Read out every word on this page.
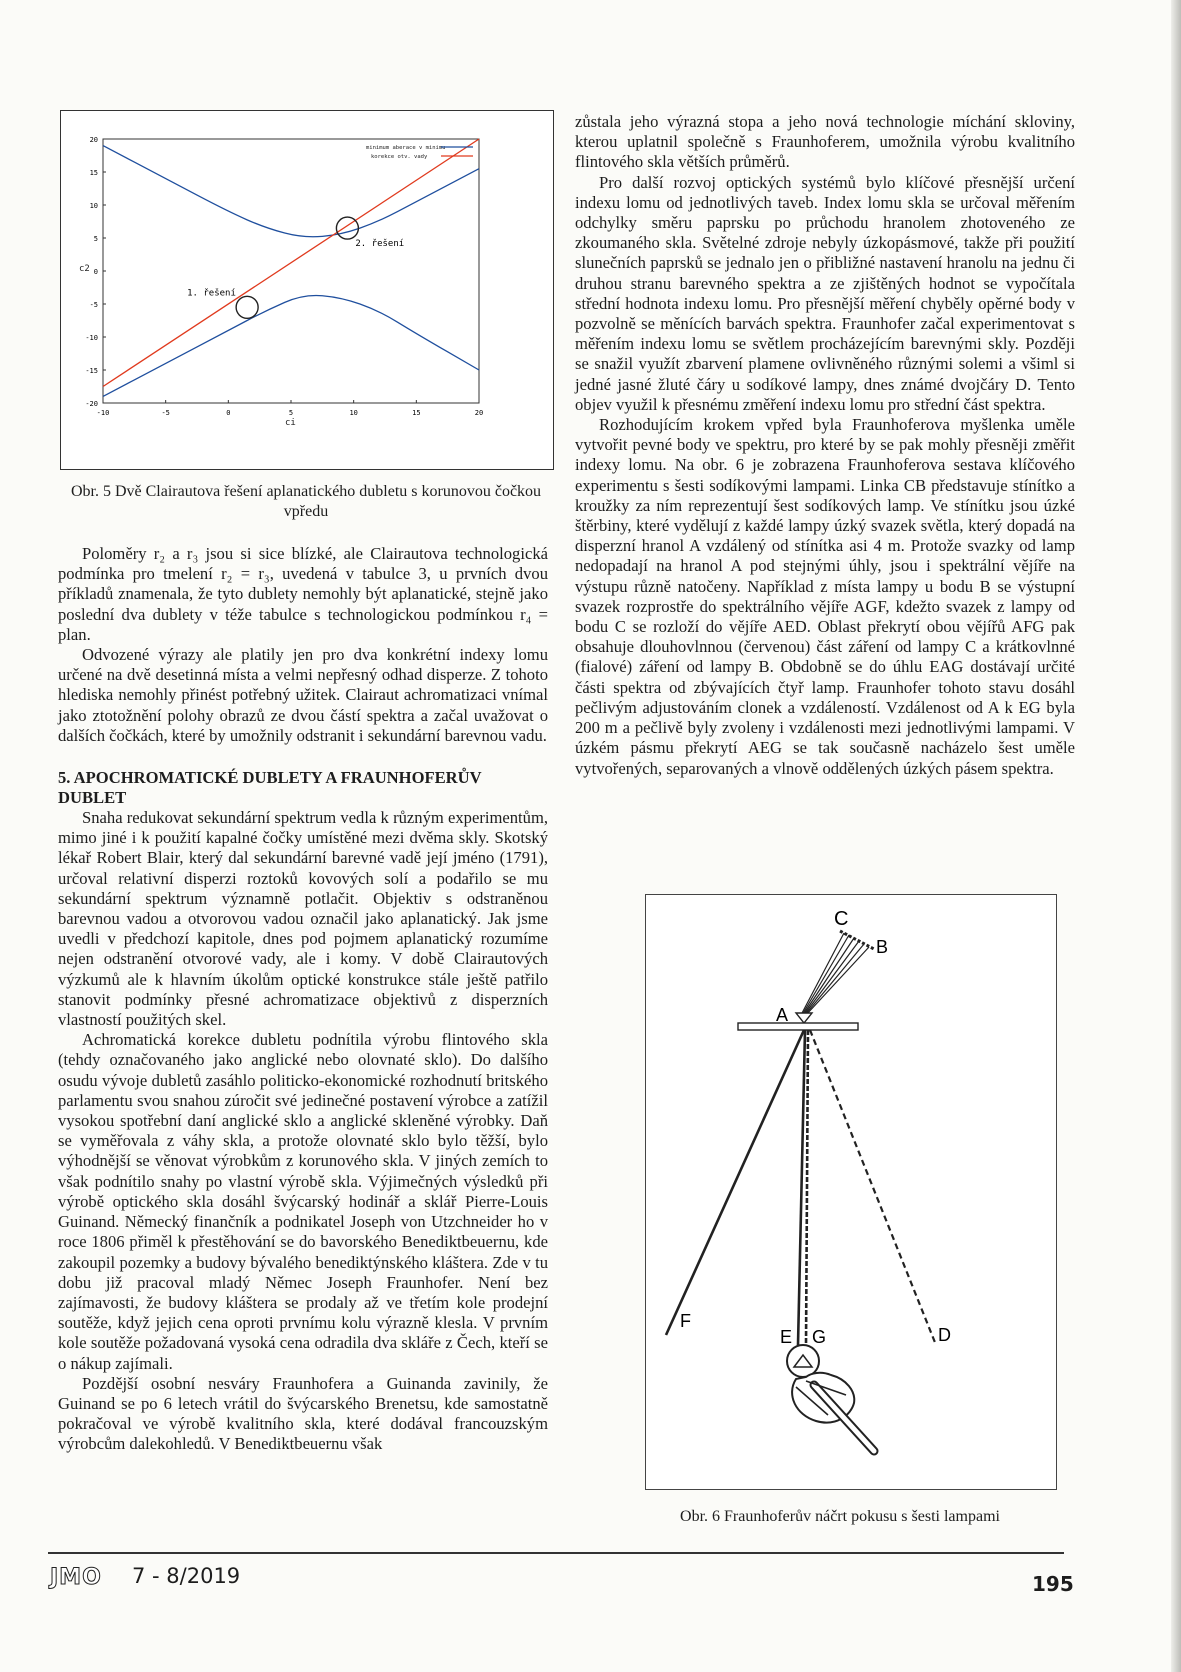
20
15
10
5
0
-5
-10
-15
-20
-10	-5	0	5	10	15	20
1. řešení
2. řešení
c2
ci
minimum aberace v minimu
korekce otv. vady
Obr. 5 Dvě Clairautova řešení aplanatického dubletu s korunovou čočkou vpředu

Poloměry r₂ a r₃ jsou si sice blízké, ale Clairautova technologická podmínka pro tmelení r₂ = r₃, uvedená v tabulce 3, u prvních dvou příkladů znamenala, že tyto dublety nemohly být aplanatické, stejně jako poslední dva dublety v téže tabulce s technologickou podmínkou r₄ = plan.

Odvozené výrazy ale platily jen pro dva konkrétní indexy lomu určené na dvě desetinná místa a velmi nepřesný odhad disperze. Z tohoto hlediska nemohly přinést potřebný užitek. Clairaut achromatizaci vnímal jako ztotožnění polohy obrazů ze dvou částí spektra a začal uvažovat o dalších čočkách, které by umožnily odstranit i sekundární barevnou vadu.

5. APOCHROMATICKÉ DUBLETY A FRAUNHOFERŮV DUBLET

Snaha redukovat sekundární spektrum vedla k různým experimentům, mimo jiné i k použití kapalné čočky umístěné mezi dvěma skly. Skotský lékař Robert Blair, který dal sekundární barevné vadě její jméno (1791), určoval relativní disperzi roztoků kovových solí a podařilo se mu sekundární spektrum významně potlačit. Objektiv s odstraněnou barevnou vadou a otvorovou vadou označil jako aplanatický. Jak jsme uvedli v předchozí kapitole, dnes pod pojmem aplanatický rozumíme nejen odstranění otvorové vady, ale i komy. V době Clairautových výzkumů ale k hlavním úkolům optické konstrukce stále ještě patřilo stanovit podmínky přesné achromatizace objektivů z disperzních vlastností použitých skel.

Achromatická korekce dubletu podnítila výrobu flintového skla (tehdy označovaného jako anglické nebo olovnaté sklo). Do dalšího osudu vývoje dubletů zasáhlo politicko-ekonomické rozhodnutí britského parlamentu svou snahou zúročit své jedinečné postavení výrobce a zatížil vysokou spotřební daní anglické sklo a anglické skleněné výrobky. Daň se vyměřovala z váhy skla, a protože olovnaté sklo bylo těžší, bylo výhodnější se věnovat výrobkům z korunového skla. V jiných zemích to však podnítilo snahy po vlastní výrobě skla. Výjimečných výsledků při výrobě optického skla dosáhl švýcarský hodinář a sklář Pierre-Louis Guinand. Německý finančník a podnikatel Joseph von Utzchneider ho v roce 1806 přiměl k přestěhování se do bavorského Benediktbeuernu, kde zakoupil pozemky a budovy bývalého benediktýnského kláštera. Zde v tu dobu již pracoval mladý Němec Joseph Fraunhofer. Není bez zajímavosti, že budovy kláštera se prodaly až ve třetím kole prodejní soutěže, když jejich cena oproti prvnímu kolu výrazně klesla. V prvním kole soutěže požadovaná vysoká cena odradila dva skláře z Čech, kteří se o nákup zajímali.

Pozdější osobní nesváry Fraunhofera a Guinanda zavinily, že Guinand se po 6 letech vrátil do švýcarského Brenetsu, kde samostatně pokračoval ve výrobě kvalitního skla, které dodával francouzským výrobcům dalekohledů. V Benediktbeuernu však

zůstala jeho výrazná stopa a jeho nová technologie míchání skloviny, kterou uplatnil společně s Fraunhoferem, umožnila výrobu kvalitního flintového skla větších průměrů.

Pro další rozvoj optických systémů bylo klíčové přesnější určení indexu lomu od jednotlivých taveb. Index lomu skla se určoval měřením odchylky směru paprsku po průchodu hranolem zhotoveného ze zkoumaného skla. Světelné zdroje nebyly úzkopásmové, takže při použití slunečních paprsků se jednalo jen o přibližné nastavení hranolu na jednu či druhou stranu barevného spektra a ze zjištěných hodnot se vypočítala střední hodnota indexu lomu. Pro přesnější měření chyběly opěrné body v pozvolně se měnících barvách spektra. Fraunhofer začal experimentovat s měřením indexu lomu se světlem procházejícím barevnými skly. Později se snažil využít zbarvení plamene ovlivněného různými solemi a všiml si jedné jasné žluté čáry u sodíkové lampy, dnes známé dvojčáry D. Tento objev využil k přesnému změření indexu lomu pro střední část spektra.

Rozhodujícím krokem vpřed byla Fraunhoferova myšlenka uměle vytvořit pevné body ve spektru, pro které by se pak mohly přesněji změřit indexy lomu. Na obr. 6 je zobrazena Fraunhoferova sestava klíčového experimentu s šesti sodíkovými lampami. Linka CB představuje stínítko a kroužky za ním reprezentují šest sodíkových lamp. Ve stínítku jsou úzké štěrbiny, které vydělují z každé lampy úzký svazek světla, který dopadá na disperzní hranol A vzdálený od stínítka asi 4 m. Protože svazky od lamp nedopadají na hranol A pod stejnými úhly, jsou i spektrální vějíře na výstupu různě natočeny. Například z místa lampy u bodu B se výstupní svazek rozprostře do spektrálního vějíře AGF, kdežto svazek z lampy od bodu C se rozloží do vějíře AED. Oblast překrytí obou vějířů AFG pak obsahuje dlouhovlnnou (červenou) část záření od lampy C a krátkovlnné (fialové) záření od lampy B. Obdobně se do úhlu EAG dostávají určité části spektra od zbývajících čtyř lamp. Fraunhofer tohoto stavu dosáhl pečlivým adjustováním clonek a vzdáleností. Vzdálenost od A k EG byla 200 m a pečlivě byly zvoleny i vzdálenosti mezi jednotlivými lampami. V úzkém pásmu překrytí AEG se tak současně nacházelo šest uměle vytvořených, separovaných a vlnově oddělených úzkých pásem spektra.

C
B
A
F
E G	D
Obr. 6 Fraunhoferův náčrt pokusu s šesti lampami
JMO 7 - 8/2019	195
